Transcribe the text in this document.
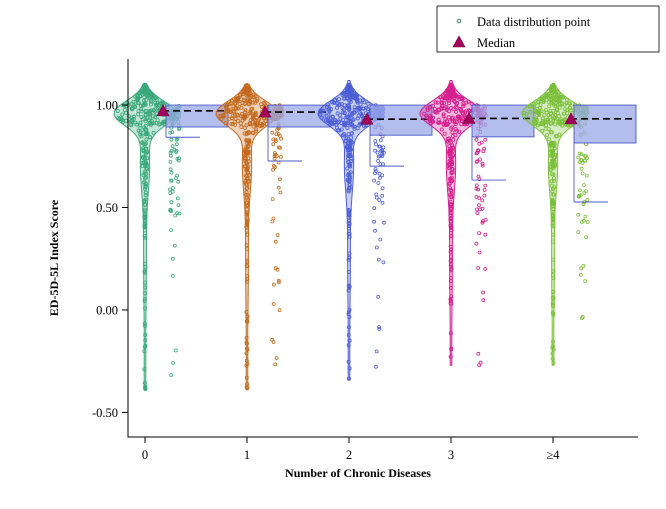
-0.50
0.00
0.50
1.00
0	1	2	3	≥4
Data distribution point
Median
ED-5D-5L Index Score
Number of Chronic Diseases
